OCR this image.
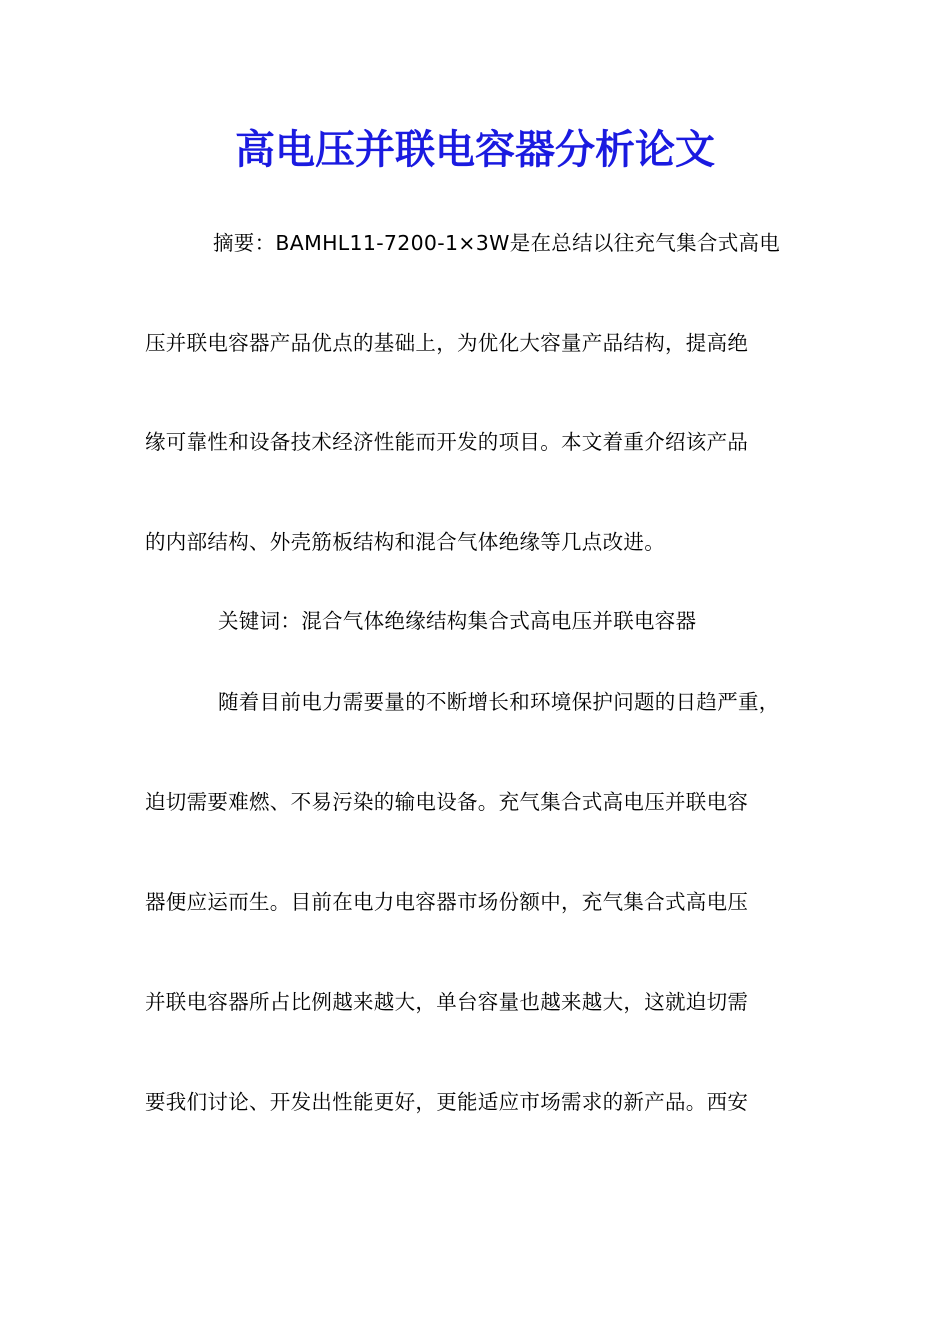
高电压并联电容器分析论文
摘要：BAMHL11-7200-1×3W是在总结以往充气集合式高电
压并联电容器产品优点的基础上，为优化大容量产品结构，提高绝
缘可靠性和设备技术经济性能而开发的项目。本文着重介绍该产品
的内部结构、外壳筋板结构和混合气体绝缘等几点改进。
关键词：混合气体绝缘结构集合式高电压并联电容器
随着目前电力需要量的不断增长和环境保护问题的日趋严重，
迫切需要难燃、不易污染的输电设备。充气集合式高电压并联电容
器便应运而生。目前在电力电容器市场份额中，充气集合式高电压
并联电容器所占比例越来越大，单台容量也越来越大，这就迫切需
要我们讨论、开发出性能更好，更能适应市场需求的新产品。西安
